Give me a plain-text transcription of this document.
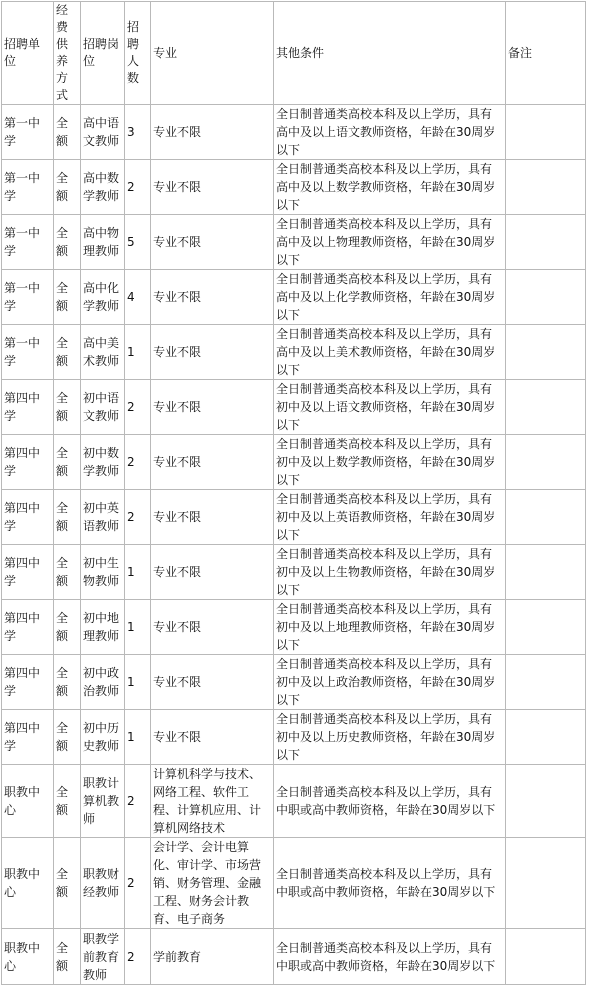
招聘单位	经费供养方式	招聘岗位	招聘人数	专业	其他条件	备注
第一中学	全额	高中语文教师	3	专业不限	全日制普通类高校本科及以上学历，具有高中及以上语文教师资格，年龄在30周岁以下	
第一中学	全额	高中数学教师	2	专业不限	全日制普通类高校本科及以上学历，具有高中及以上数学教师资格，年龄在30周岁以下	
第一中学	全额	高中物理教师	5	专业不限	全日制普通类高校本科及以上学历，具有高中及以上物理教师资格，年龄在30周岁以下	
第一中学	全额	高中化学教师	4	专业不限	全日制普通类高校本科及以上学历，具有高中及以上化学教师资格，年龄在30周岁以下	
第一中学	全额	高中美术教师	1	专业不限	全日制普通类高校本科及以上学历，具有高中及以上美术教师资格，年龄在30周岁以下	
第四中学	全额	初中语文教师	2	专业不限	全日制普通类高校本科及以上学历，具有初中及以上语文教师资格，年龄在30周岁以下	
第四中学	全额	初中数学教师	2	专业不限	全日制普通类高校本科及以上学历，具有初中及以上数学教师资格，年龄在30周岁以下	
第四中学	全额	初中英语教师	2	专业不限	全日制普通类高校本科及以上学历，具有初中及以上英语教师资格，年龄在30周岁以下	
第四中学	全额	初中生物教师	1	专业不限	全日制普通类高校本科及以上学历，具有初中及以上生物教师资格，年龄在30周岁以下	
第四中学	全额	初中地理教师	1	专业不限	全日制普通类高校本科及以上学历，具有初中及以上地理教师资格，年龄在30周岁以下	
第四中学	全额	初中政治教师	1	专业不限	全日制普通类高校本科及以上学历，具有初中及以上政治教师资格，年龄在30周岁以下	
第四中学	全额	初中历史教师	1	专业不限	全日制普通类高校本科及以上学历，具有初中及以上历史教师资格，年龄在30周岁以下	
职教中心	全额	职教计算机教师	2	计算机科学与技术、网络工程、软件工程、计算机应用、计算机网络技术	全日制普通类高校本科及以上学历，具有中职或高中教师资格，年龄在30周岁以下	
职教中心	全额	职教财经教师	2	会计学、会计电算化、审计学、市场营销、财务管理、金融工程、财务会计教育、电子商务	全日制普通类高校本科及以上学历，具有中职或高中教师资格，年龄在30周岁以下	
职教中心	全额	职教学前教育教师	2	学前教育	全日制普通类高校本科及以上学历，具有中职或高中教师资格，年龄在30周岁以下	
